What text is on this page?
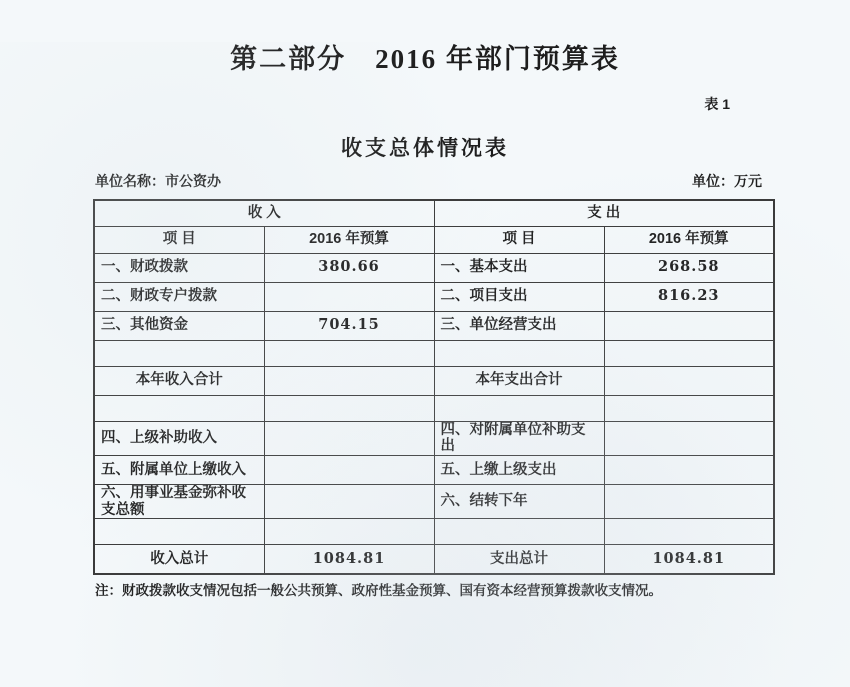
第二部分　2016 年部门预算表
表 1
收支总体情况表
单位名称：市公资办	单位：万元
收 入		支 出	
项 目	2016 年预算	项 目	2016 年预算
一、财政拨款	380.66	一、基本支出	268.58
二、财政专户拨款		二、项目支出	816.23
三、其他资金	704.15	三、单位经营支出	

本年收入合计		本年支出合计	

四、上级补助收入		四、对附属单位补助支出	
五、附属单位上缴收入		五、上缴上级支出	
六、用事业基金弥补收支总额		六、结转下年	

收入总计	1084.81	支出总计	1084.81
注：财政拨款收支情况包括一般公共预算、政府性基金预算、国有资本经营预算拨款收支情况。
